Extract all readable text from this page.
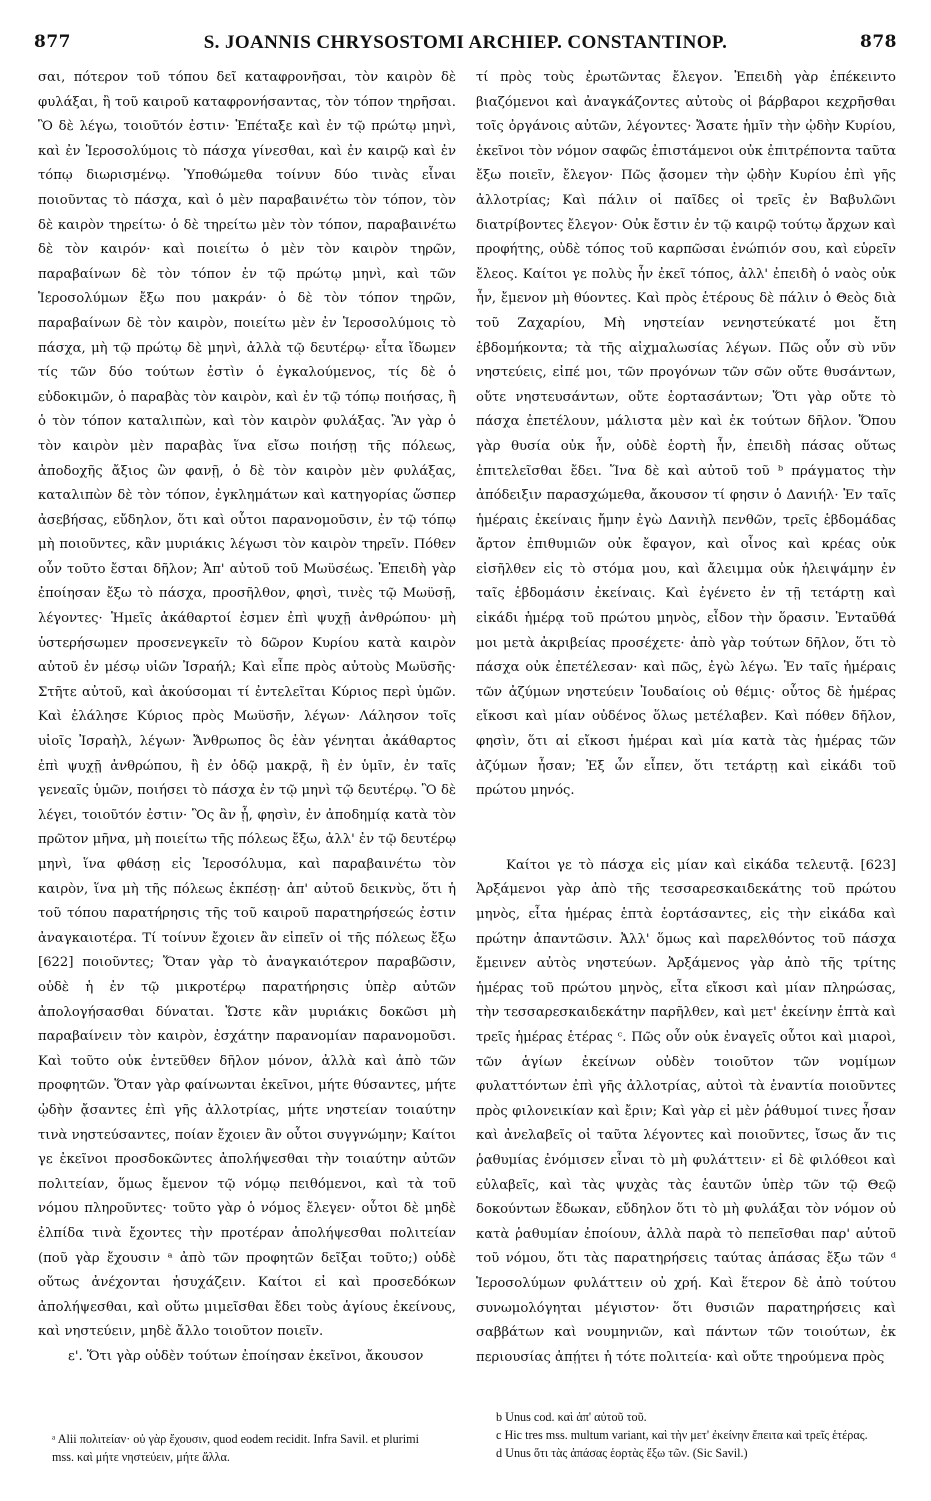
877	S. JOANNIS CHRYSOSTOMI ARCHIEP. CONSTANTINOP.	878

σαι, πότερον τοῦ τόπου δεῖ καταφρονῆσαι, τὸν καιρὸν δὲ φυλάξαι, ἢ τοῦ καιροῦ καταφρονήσαντας, τὸν τόπον τηρῆσαι. Ὃ δὲ λέγω, τοιοῦτόν ἐστιν· Ἐπέταξε καὶ ἐν τῷ πρώτῳ μηνὶ, καὶ ἐν Ἱεροσολύμοις τὸ πάσχα γίνεσθαι, καὶ ἐν καιρῷ καὶ ἐν τόπῳ διωρισμένῳ. Ὑποθώμεθα τοίνυν δύο τινὰς εἶναι ποιοῦντας τὸ πάσχα, καὶ ὁ μὲν παραβαινέτω τὸν τόπον, τὸν δὲ καιρὸν τηρείτω· ὁ δὲ τηρείτω μὲν τὸν τόπον, παραβαινέτω δὲ τὸν καιρόν· καὶ ποιείτω ὁ μὲν τὸν καιρὸν τηρῶν, παραβαίνων δὲ τὸν τόπον ἐν τῷ πρώτῳ μηνὶ, καὶ τῶν Ἱεροσολύμων ἔξω που μακράν· ὁ δὲ τὸν τόπον τηρῶν, παραβαίνων δὲ τὸν καιρὸν, ποιείτω μὲν ἐν Ἱεροσολύμοις τὸ πάσχα, μὴ τῷ πρώτῳ δὲ μηνὶ, ἀλλὰ τῷ δευτέρῳ· εἶτα ἴδωμεν τίς τῶν δύο τούτων ἐστὶν ὁ ἐγκαλούμενος, τίς δὲ ὁ εὐδοκιμῶν, ὁ παραβὰς τὸν καιρὸν, καὶ ἐν τῷ τόπῳ ποιήσας, ἢ ὁ τὸν τόπον καταλιπὼν, καὶ τὸν καιρὸν φυλάξας. Ἂν γὰρ ὁ τὸν καιρὸν μὲν παραβὰς ἵνα εἴσω ποιήσῃ τῆς πόλεως, ἀποδοχῆς ἄξιος ὢν φανῇ, ὁ δὲ τὸν καιρὸν μὲν φυλάξας, καταλιπὼν δὲ τὸν τόπον, ἐγκλημάτων καὶ κατηγορίας ὥσπερ ἀσεβήσας, εὔδηλον, ὅτι καὶ οὗτοι παρανομοῦσιν, ἐν τῷ τόπῳ μὴ ποιοῦντες, κἂν μυριάκις λέγωσι τὸν καιρὸν τηρεῖν. Πόθεν οὖν τοῦτο ἔσται δῆλον; Ἀπ' αὐτοῦ τοῦ Μωϋσέως. Ἐπειδὴ γὰρ ἐποίησαν ἔξω τὸ πάσχα, προσῆλθον, φησὶ, τινὲς τῷ Μωϋσῇ, λέγοντες· Ἡμεῖς ἀκάθαρτοί ἐσμεν ἐπὶ ψυχῇ ἀνθρώπου· μὴ ὑστερήσωμεν προσενεγκεῖν τὸ δῶρον Κυρίου κατὰ καιρὸν αὐτοῦ ἐν μέσῳ υἱῶν Ἰσραήλ; Καὶ εἶπε πρὸς αὐτοὺς Μωϋσῆς· Στῆτε αὐτοῦ, καὶ ἀκούσομαι τί ἐντελεῖται Κύριος περὶ ὑμῶν. Καὶ ἐλάλησε Κύριος πρὸς Μωϋσῆν, λέγων· Λάλησον τοῖς υἱοῖς Ἰσραὴλ, λέγων· Ἄνθρωπος ὃς ἐὰν γένηται ἀκάθαρτος ἐπὶ ψυχῇ ἀνθρώπου, ἢ ἐν ὁδῷ μακρᾷ, ἢ ἐν ὑμῖν, ἐν ταῖς γενεαῖς ὑμῶν, ποιήσει τὸ πάσχα ἐν τῷ μηνὶ τῷ δευτέρῳ. Ὃ δὲ λέγει, τοιοῦτόν ἐστιν· Ὃς ἂν ᾖ, φησὶν, ἐν ἀποδημίᾳ κατὰ τὸν πρῶτον μῆνα, μὴ ποιείτω τῆς πόλεως ἔξω, ἀλλ' ἐν τῷ δευτέρῳ μηνὶ, ἵνα φθάσῃ εἰς Ἱεροσόλυμα, καὶ παραβαινέτω τὸν καιρὸν, ἵνα μὴ τῆς πόλεως ἐκπέσῃ· ἀπ' αὐτοῦ δεικνὺς, ὅτι ἡ τοῦ τόπου παρατήρησις τῆς τοῦ καιροῦ παρατηρήσεώς ἐστιν ἀναγκαιοτέρα. Τί τοίνυν ἔχοιεν ἂν εἰπεῖν οἱ τῆς πόλεως ἔξω [622] ποιοῦντες; Ὅταν γὰρ τὸ ἀναγκαιότερον παραβῶσιν, οὐδὲ ἡ ἐν τῷ μικροτέρῳ παρατήρησις ὑπὲρ αὐτῶν ἀπολογήσασθαι δύναται. Ὥστε κἂν μυριάκις δοκῶσι μὴ παραβαίνειν τὸν καιρὸν, ἐσχάτην παρανομίαν παρανομοῦσι. Καὶ τοῦτο οὐκ ἐντεῦθεν δῆλον μόνον, ἀλλὰ καὶ ἀπὸ τῶν προφητῶν. Ὅταν γὰρ φαίνωνται ἐκεῖνοι, μήτε θύσαντες, μήτε ᾠδὴν ᾄσαντες ἐπὶ γῆς ἀλλοτρίας, μήτε νηστείαν τοιαύτην τινὰ νηστεύσαντες, ποίαν ἔχοιεν ἂν οὗτοι συγγνώμην; Καίτοι γε ἐκεῖνοι προσδοκῶντες ἀπολήψεσθαι τὴν τοιαύτην αὐτῶν πολιτείαν, ὅμως ἔμενον τῷ νόμῳ πειθόμενοι, καὶ τὰ τοῦ νόμου πληροῦντες· τοῦτο γὰρ ὁ νόμος ἔλεγεν· οὗτοι δὲ μηδὲ ἐλπίδα τινὰ ἔχοντες τὴν προτέραν ἀπολήψεσθαι πολιτείαν (ποῦ γὰρ ἔχουσιν ᵃ ἀπὸ τῶν προφητῶν δεῖξαι τοῦτο;) οὐδὲ οὕτως ἀνέχονται ἡσυχάζειν. Καίτοι εἰ καὶ προσεδόκων ἀπολήψεσθαι, καὶ οὕτω μιμεῖσθαι ἔδει τοὺς ἁγίους ἐκείνους, καὶ νηστεύειν, μηδὲ ἄλλο τοιοῦτον ποιεῖν.

ε'. Ὅτι γὰρ οὐδὲν τούτων ἐποίησαν ἐκεῖνοι, ἄκουσον

τί πρὸς τοὺς ἐρωτῶντας ἔλεγον. Ἐπειδὴ γὰρ ἐπέκειντο βιαζόμενοι καὶ ἀναγκάζοντες αὐτοὺς οἱ βάρβαροι κεχρῆσθαι τοῖς ὀργάνοις αὐτῶν, λέγοντες· Ἄσατε ἡμῖν τὴν ᾠδὴν Κυρίου, ἐκεῖνοι τὸν νόμον σαφῶς ἐπιστάμενοι οὐκ ἐπιτρέποντα ταῦτα ἔξω ποιεῖν, ἔλεγον· Πῶς ᾄσομεν τὴν ᾠδὴν Κυρίου ἐπὶ γῆς ἀλλοτρίας; Καὶ πάλιν οἱ παῖδες οἱ τρεῖς ἐν Βαβυλῶνι διατρίβοντες ἔλεγον· Οὐκ ἔστιν ἐν τῷ καιρῷ τούτῳ ἄρχων καὶ προφήτης, οὐδὲ τόπος τοῦ καρπῶσαι ἐνώπιόν σου, καὶ εὑρεῖν ἔλεος. Καίτοι γε πολὺς ἦν ἐκεῖ τόπος, ἀλλ' ἐπειδὴ ὁ ναὸς οὐκ ἦν, ἔμενον μὴ θύοντες. Καὶ πρὸς ἑτέρους δὲ πάλιν ὁ Θεὸς διὰ τοῦ Ζαχαρίου, Μὴ νηστείαν νενηστεύκατέ μοι ἔτη ἑβδομήκοντα; τὰ τῆς αἰχμαλωσίας λέγων. Πῶς οὖν σὺ νῦν νηστεύεις, εἰπέ μοι, τῶν προγόνων τῶν σῶν οὔτε θυσάντων, οὔτε νηστευσάντων, οὔτε ἑορτασάντων; Ὅτι γὰρ οὔτε τὸ πάσχα ἐπετέλουν, μάλιστα μὲν καὶ ἐκ τούτων δῆλον. Ὅπου γὰρ θυσία οὐκ ἦν, οὐδὲ ἑορτὴ ἦν, ἐπειδὴ πάσας οὕτως ἐπιτελεῖσθαι ἔδει. Ἵνα δὲ καὶ αὐτοῦ τοῦ ᵇ πράγματος τὴν ἀπόδειξιν παρασχώμεθα, ἄκουσον τί φησιν ὁ Δανιήλ· Ἐν ταῖς ἡμέραις ἐκείναις ἤμην ἐγὼ Δανιὴλ πενθῶν, τρεῖς ἑβδομάδας ἄρτον ἐπιθυμιῶν οὐκ ἔφαγον, καὶ οἶνος καὶ κρέας οὐκ εἰσῆλθεν εἰς τὸ στόμα μου, καὶ ἄλειμμα οὐκ ἠλειψάμην ἐν ταῖς ἑβδομάσιν ἐκείναις. Καὶ ἐγένετο ἐν τῇ τετάρτῃ καὶ εἰκάδι ἡμέρᾳ τοῦ πρώτου μηνὸς, εἶδον τὴν ὅρασιν. Ἐνταῦθά μοι μετὰ ἀκριβείας προσέχετε· ἀπὸ γὰρ τούτων δῆλον, ὅτι τὸ πάσχα οὐκ ἐπετέλεσαν· καὶ πῶς, ἐγὼ λέγω. Ἐν ταῖς ἡμέραις τῶν ἀζύμων νηστεύειν Ἰουδαίοις οὐ θέμις· οὗτος δὲ ἡμέρας εἴκοσι καὶ μίαν οὐδένος ὅλως μετέλαβεν. Καὶ πόθεν δῆλον, φησὶν, ὅτι αἱ εἴκοσι ἡμέραι καὶ μία κατὰ τὰς ἡμέρας τῶν ἀζύμων ἦσαν; Ἐξ ὧν εἶπεν, ὅτι τετάρτῃ καὶ εἰκάδι τοῦ πρώτου μηνός.

Καίτοι γε τὸ πάσχα εἰς μίαν καὶ εἰκάδα τελευτᾷ. [623] Ἀρξάμενοι γὰρ ἀπὸ τῆς τεσσαρεσκαιδεκάτης τοῦ πρώτου μηνὸς, εἶτα ἡμέρας ἑπτὰ ἑορτάσαντες, εἰς τὴν εἰκάδα καὶ πρώτην ἀπαντῶσιν. Ἀλλ' ὅμως καὶ παρελθόντος τοῦ πάσχα ἔμεινεν αὐτὸς νηστεύων. Ἀρξάμενος γὰρ ἀπὸ τῆς τρίτης ἡμέρας τοῦ πρώτου μηνὸς, εἶτα εἴκοσι καὶ μίαν πληρώσας, τὴν τεσσαρεσκαιδεκάτην παρῆλθεν, καὶ μετ' ἐκείνην ἑπτὰ καὶ τρεῖς ἡμέρας ἑτέρας ᶜ. Πῶς οὖν οὐκ ἐναγεῖς οὗτοι καὶ μιαροὶ, τῶν ἁγίων ἐκείνων οὐδὲν τοιοῦτον τῶν νομίμων φυλαττόντων ἐπὶ γῆς ἀλλοτρίας, αὐτοὶ τὰ ἐναντία ποιοῦντες πρὸς φιλονεικίαν καὶ ἔριν; Καὶ γὰρ εἰ μὲν ῥάθυμοί τινες ἦσαν καὶ ἀνελαβεῖς οἱ ταῦτα λέγοντες καὶ ποιοῦντες, ἴσως ἄν τις ῥαθυμίας ἐνόμισεν εἶναι τὸ μὴ φυλάττειν· εἰ δὲ φιλόθεοι καὶ εὐλαβεῖς, καὶ τὰς ψυχὰς τὰς ἑαυτῶν ὑπὲρ τῶν τῷ Θεῷ δοκούντων ἔδωκαν, εὔδηλον ὅτι τὸ μὴ φυλάξαι τὸν νόμον οὐ κατὰ ῥαθυμίαν ἐποίουν, ἀλλὰ παρὰ τὸ πεπεῖσθαι παρ' αὐτοῦ τοῦ νόμου, ὅτι τὰς παρατηρήσεις ταύτας ἁπάσας ἔξω τῶν ᵈ Ἱεροσολύμων φυλάττειν οὐ χρή. Καὶ ἕτερον δὲ ἀπὸ τούτου συνωμολόγηται μέγιστον· ὅτι θυσιῶν παρατηρήσεις καὶ σαββάτων καὶ νουμηνιῶν, καὶ πάντων τῶν τοιούτων, ἐκ περιουσίας ἀπῄτει ἡ τότε πολιτεία· καὶ οὔτε τηρούμενα πρὸς

ᵃ Alii πολιτείαν· οὐ γὰρ ἔχουσιν, quod eodem recidit. Infra Savil. et plurimi mss. καὶ μήτε νηστεύειν, μήτε ἄλλα.
b Unus cod. καὶ ἀπ' αὐτοῦ τοῦ.
c Hic tres mss. multum variant, καὶ τὴν μετ' ἐκείνην ἔπειτα καὶ τρεῖς ἑτέρας.
d Unus ὅτι τὰς ἁπάσας ἑορτὰς ἔξω τῶν. (Sic Savil.)
